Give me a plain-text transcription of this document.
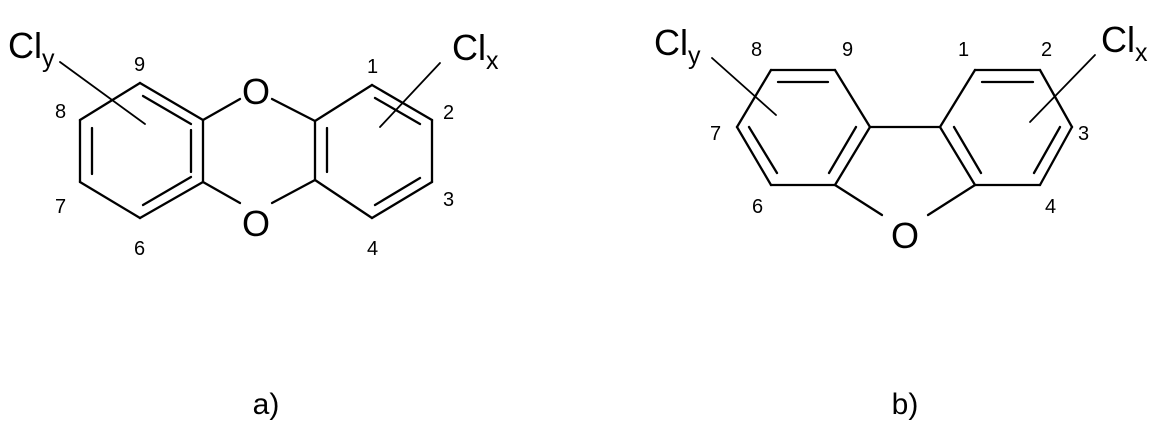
O
O
Cly	Clx
9
8
7
6
1
2
3
4
a)
O
Cly	Clx
8	9
7
6
1	2
3
4
b)
